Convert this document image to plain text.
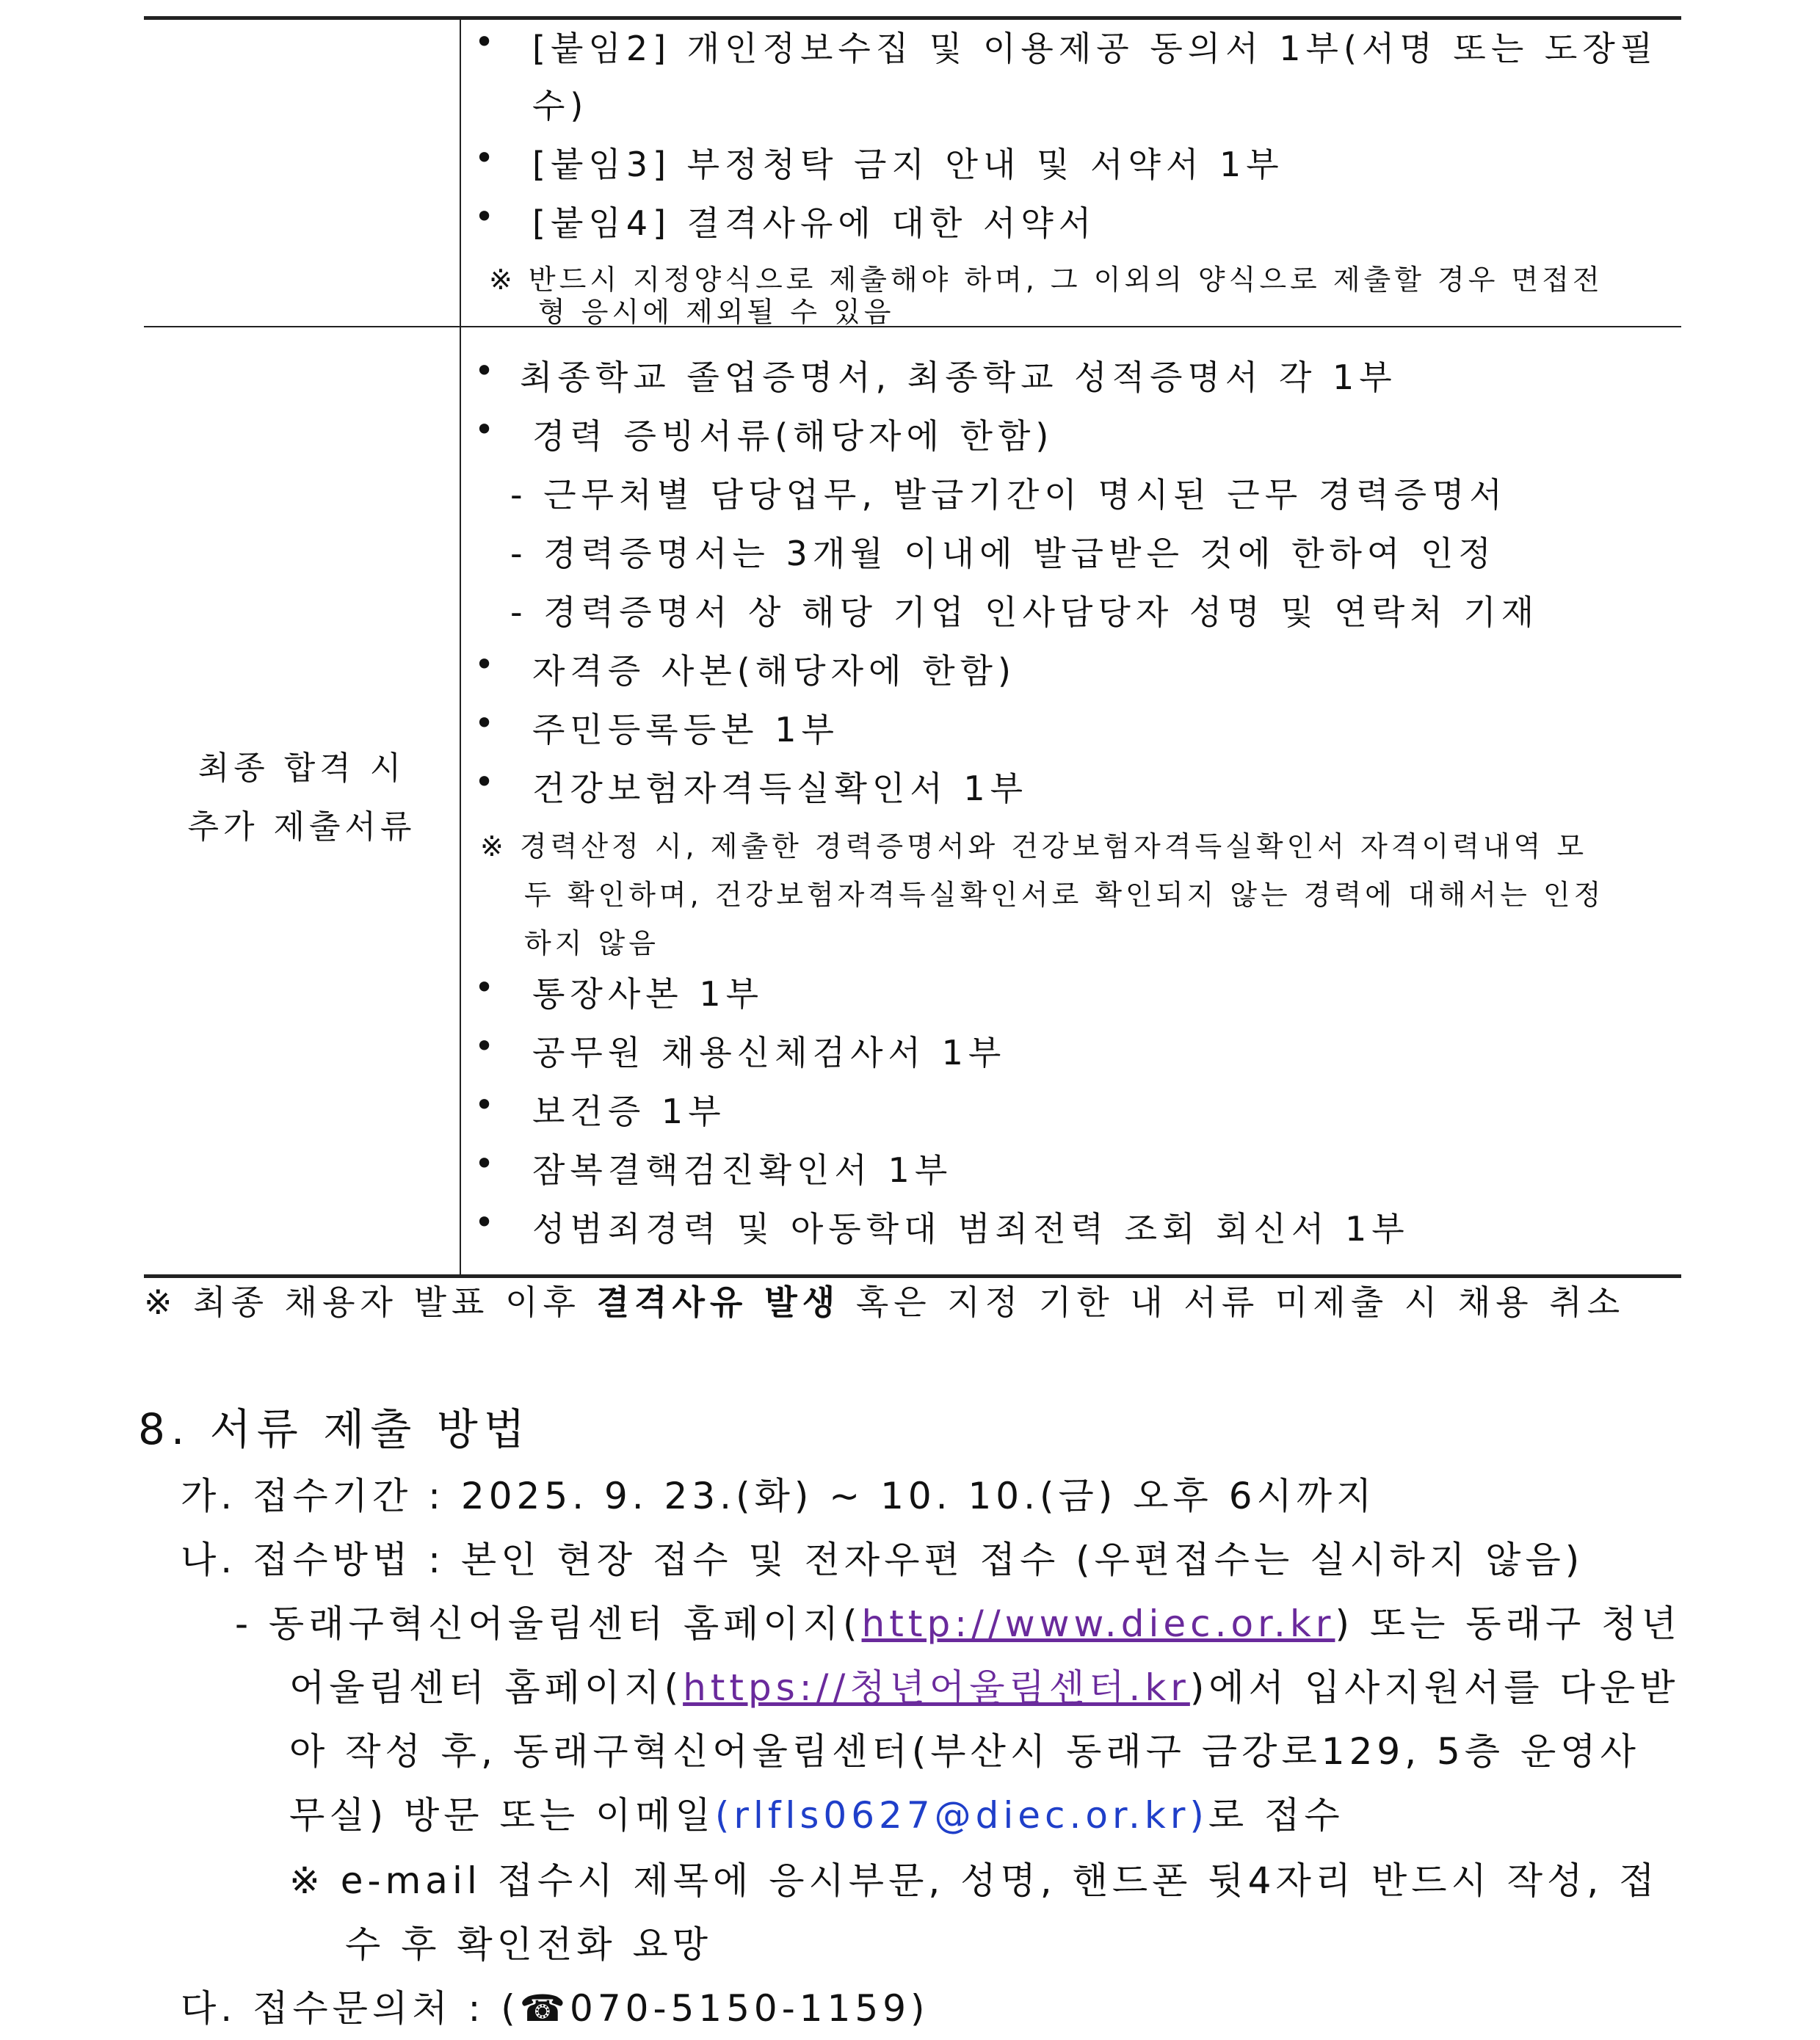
• [붙임2] 개인정보수집 및 이용제공 동의서 1부(서명 또는 도장필
수)
• [붙임3] 부정청탁 금지 안내 및 서약서 1부
• [붙임4] 결격사유에 대한 서약서
※ 반드시 지정양식으로 제출해야 하며, 그 이외의 양식으로 제출할 경우 면접전
형 응시에 제외될 수 있음
최종 합격 시
추가 제출서류
• 최종학교 졸업증명서, 최종학교 성적증명서 각 1부
• 경력 증빙서류(해당자에 한함)
- 근무처별 담당업무, 발급기간이 명시된 근무 경력증명서
- 경력증명서는 3개월 이내에 발급받은 것에 한하여 인정
- 경력증명서 상 해당 기업 인사담당자 성명 및 연락처 기재
• 자격증 사본(해당자에 한함)
• 주민등록등본 1부
• 건강보험자격득실확인서 1부
※ 경력산정 시, 제출한 경력증명서와 건강보험자격득실확인서 자격이력내역 모
두 확인하며, 건강보험자격득실확인서로 확인되지 않는 경력에 대해서는 인정
하지 않음
• 통장사본 1부
• 공무원 채용신체검사서 1부
• 보건증 1부
• 잠복결핵검진확인서 1부
• 성범죄경력 및 아동학대 범죄전력 조회 회신서 1부
※ 최종 채용자 발표 이후 결격사유 발생 혹은 지정 기한 내 서류 미제출 시 채용 취소
8. 서류 제출 방법
가. 접수기간 : 2025. 9. 23.(화) ~ 10. 10.(금) 오후 6시까지
나. 접수방법 : 본인 현장 접수 및 전자우편 접수 (우편접수는 실시하지 않음)
- 동래구혁신어울림센터 홈페이지(http://www.diec.or.kr) 또는 동래구 청년
어울림센터 홈페이지(https://청년어울림센터.kr)에서 입사지원서를 다운받
아 작성 후, 동래구혁신어울림센터(부산시 동래구 금강로129, 5층 운영사
무실) 방문 또는 이메일(rlfls0627@diec.or.kr)로 접수
※ e-mail 접수시 제목에 응시부문, 성명, 핸드폰 뒷4자리 반드시 작성, 접
수 후 확인전화 요망
다. 접수문의처 : (☎070-5150-1159)
